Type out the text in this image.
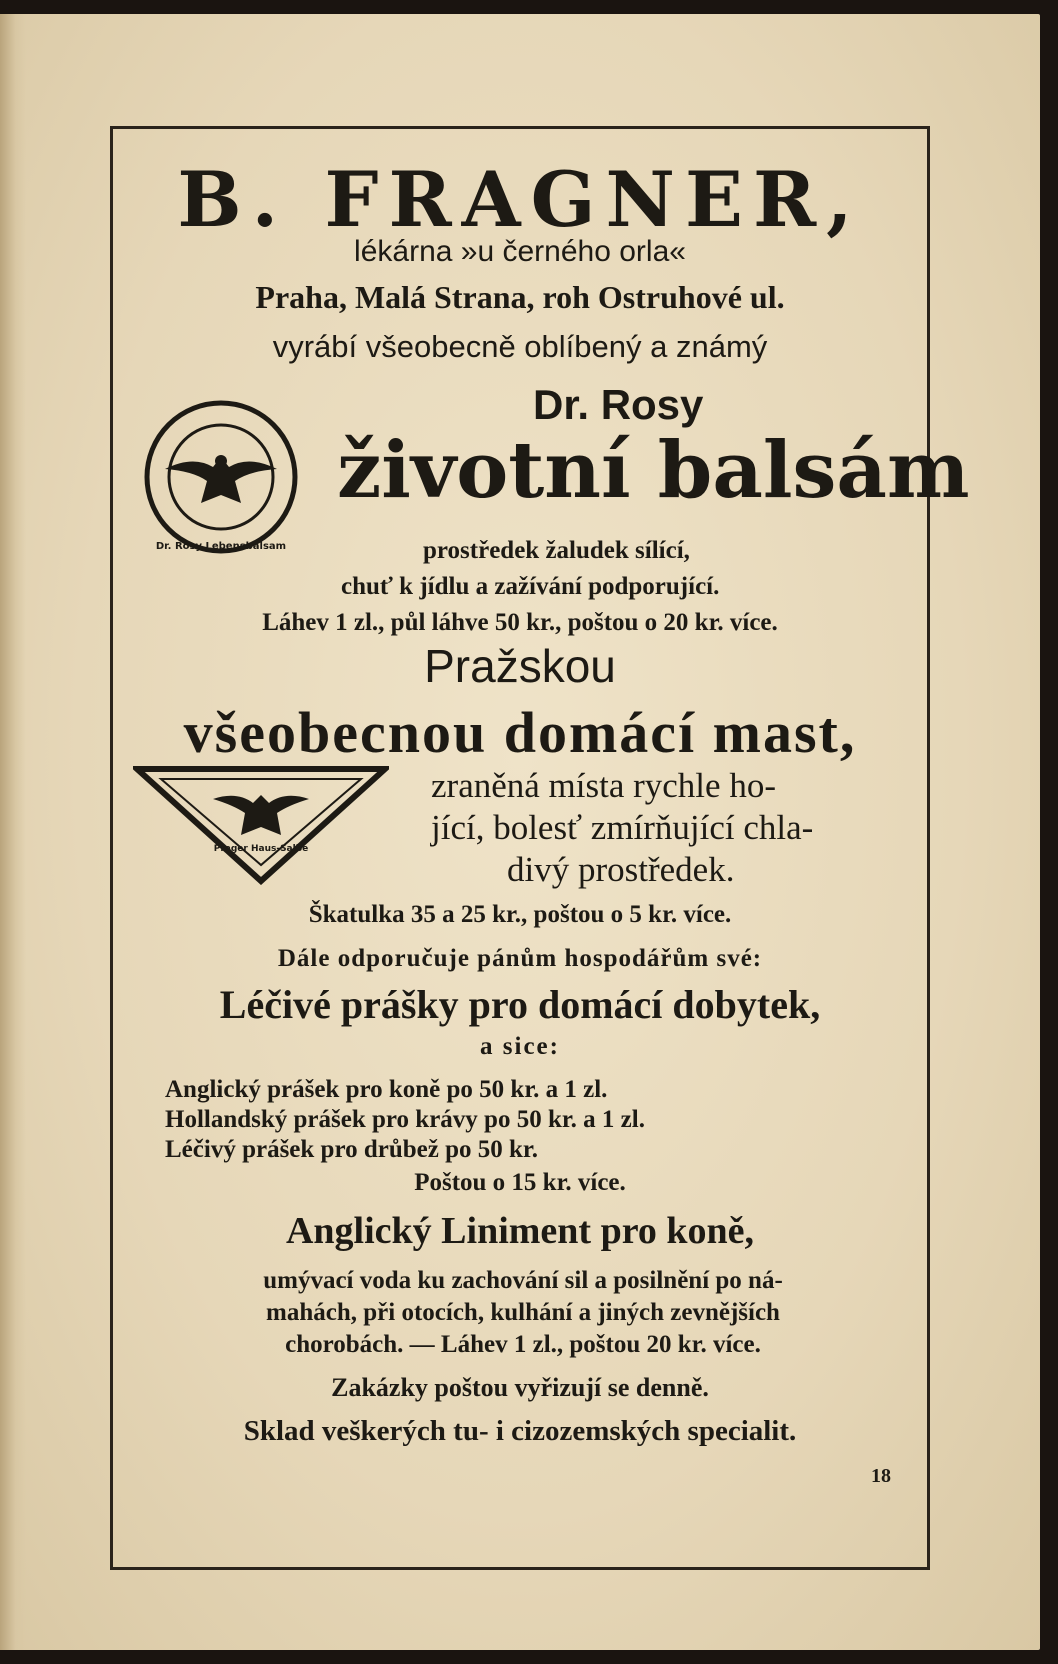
B. FRAGNER,
lékárna »u černého orla«
Praha, Malá Strana, roh Ostruhové ul.
vyrábí všeobecně oblíbený a známý
Dr. Rosy Lebensbalsam
Dr. Rosy
životní balsám
prostředek žaludek sílící,
chuť k jídlu a zažívání podporující.
Láhev 1 zl., půl láhve 50 kr., poštou o 20 kr. více.
Pražskou
všeobecnou domácí mast,
Prager Haus-Salbe
zraněná místa rychle ho-
jící, bolesť zmírňující chla-
divý prostředek.
Škatulka 35 a 25 kr., poštou o 5 kr. více.
Dále odporučuje pánům hospodářům své:
Léčivé prášky pro domácí dobytek,
a sice:
Anglický prášek pro koně po 50 kr. a 1 zl.
Hollandský prášek pro krávy po 50 kr. a 1 zl.
Léčivý prášek pro drůbež po 50 kr.
Poštou o 15 kr. více.
Anglický Liniment pro koně,
umývací voda ku zachování sil a posilnění po ná-
mahách, při otocích, kulhání a jiných zevnějších
chorobách. — Láhev 1 zl., poštou 20 kr. více.
Zakázky poštou vyřizují se denně.
Sklad veškerých tu- i cizozemských specialit.
18
